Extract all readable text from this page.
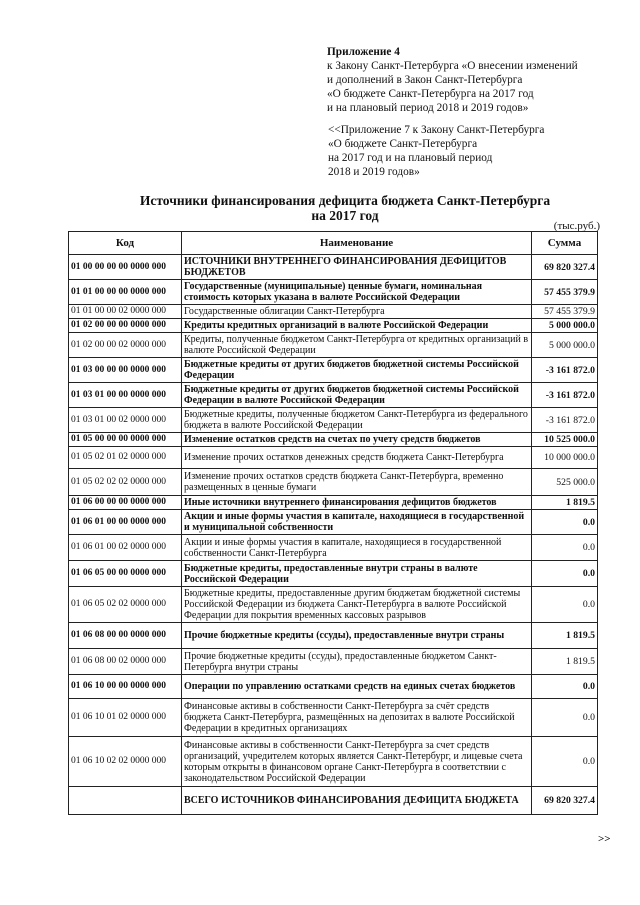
Приложение 4
к Закону Санкт-Петербурга «О внесении изменений
и дополнений в Закон Санкт-Петербурга
«О бюджете Санкт-Петербурга на 2017 год
и на плановый период 2018 и 2019 годов»
<<Приложение 7 к Закону Санкт-Петербурга
«О бюджете Санкт-Петербурга
на 2017 год и на плановый период
2018 и 2019 годов»
Источники финансирования дефицита бюджета Санкт-Петербурга
на 2017 год
(тыс.руб.)
Код	Наименование	Сумма
01 00 00 00 00 0000 000	ИСТОЧНИКИ ВНУТРЕННЕГО ФИНАНСИРОВАНИЯ ДЕФИЦИТОВ БЮДЖЕТОВ	69 820 327.4
01 01 00 00 00 0000 000	Государственные (муниципальные) ценные бумаги, номинальная стоимость которых указана в валюте Российской Федерации	57 455 379.9
01 01 00 00 02 0000 000	Государственные облигации Санкт-Петербурга	57 455 379.9
01 02 00 00 00 0000 000	Кредиты кредитных организаций в валюте Российской Федерации	5 000 000.0
01 02 00 00 02 0000 000	Кредиты, полученные бюджетом Санкт-Петербурга от кредитных организаций в валюте Российской Федерации	5 000 000.0
01 03 00 00 00 0000 000	Бюджетные кредиты от других бюджетов бюджетной системы Российской Федерации	-3 161 872.0
01 03 01 00 00 0000 000	Бюджетные кредиты от других бюджетов бюджетной системы Российской Федерации в валюте Российской Федерации	-3 161 872.0
01 03 01 00 02 0000 000	Бюджетные кредиты, полученные бюджетом Санкт-Петербурга из федерального бюджета в валюте Российской Федерации	-3 161 872.0
01 05 00 00 00 0000 000	Изменение остатков средств на счетах по учету средств бюджетов	10 525 000.0
01 05 02 01 02 0000 000	Изменение прочих остатков денежных средств бюджета Санкт-Петербурга	10 000 000.0
01 05 02 02 02 0000 000	Изменение прочих остатков средств бюджета Санкт-Петербурга, временно размещенных в ценные бумаги	525 000.0
01 06 00 00 00 0000 000	Иные источники внутреннего финансирования дефицитов бюджетов	1 819.5
01 06 01 00 00 0000 000	Акции и иные формы участия в капитале, находящиеся в государственной и муниципальной собственности	0.0
01 06 01 00 02 0000 000	Акции и иные формы участия в капитале, находящиеся в государственной собственности Санкт-Петербурга	0.0
01 06 05 00 00 0000 000	Бюджетные кредиты, предоставленные внутри страны в валюте Российской Федерации	0.0
01 06 05 02 02 0000 000	Бюджетные кредиты, предоставленные другим бюджетам бюджетной системы Российской Федерации из бюджета Санкт-Петербурга в валюте Российской Федерации для покрытия временных кассовых разрывов	0.0
01 06 08 00 00 0000 000	Прочие бюджетные кредиты (ссуды), предоставленные внутри страны	1 819.5
01 06 08 00 02 0000 000	Прочие бюджетные кредиты (ссуды), предоставленные бюджетом Санкт-Петербурга внутри страны	1 819.5
01 06 10 00 00 0000 000	Операции по управлению остатками средств на единых счетах бюджетов	0.0
01 06 10 01 02 0000 000	Финансовые активы в собственности Санкт-Петербурга за счёт средств бюджета Санкт-Петербурга, размещённых на депозитах в валюте Российской Федерации в кредитных организациях	0.0
01 06 10 02 02 0000 000	Финансовые активы в собственности Санкт-Петербурга за счет средств организаций, учредителем которых является Санкт-Петербург, и лицевые счета которым открыты в финансовом органе Санкт-Петербурга в соответствии с законодательством Российской Федерации	0.0
	ВСЕГО ИСТОЧНИКОВ ФИНАНСИРОВАНИЯ ДЕФИЦИТА БЮДЖЕТА	69 820 327.4
>>
